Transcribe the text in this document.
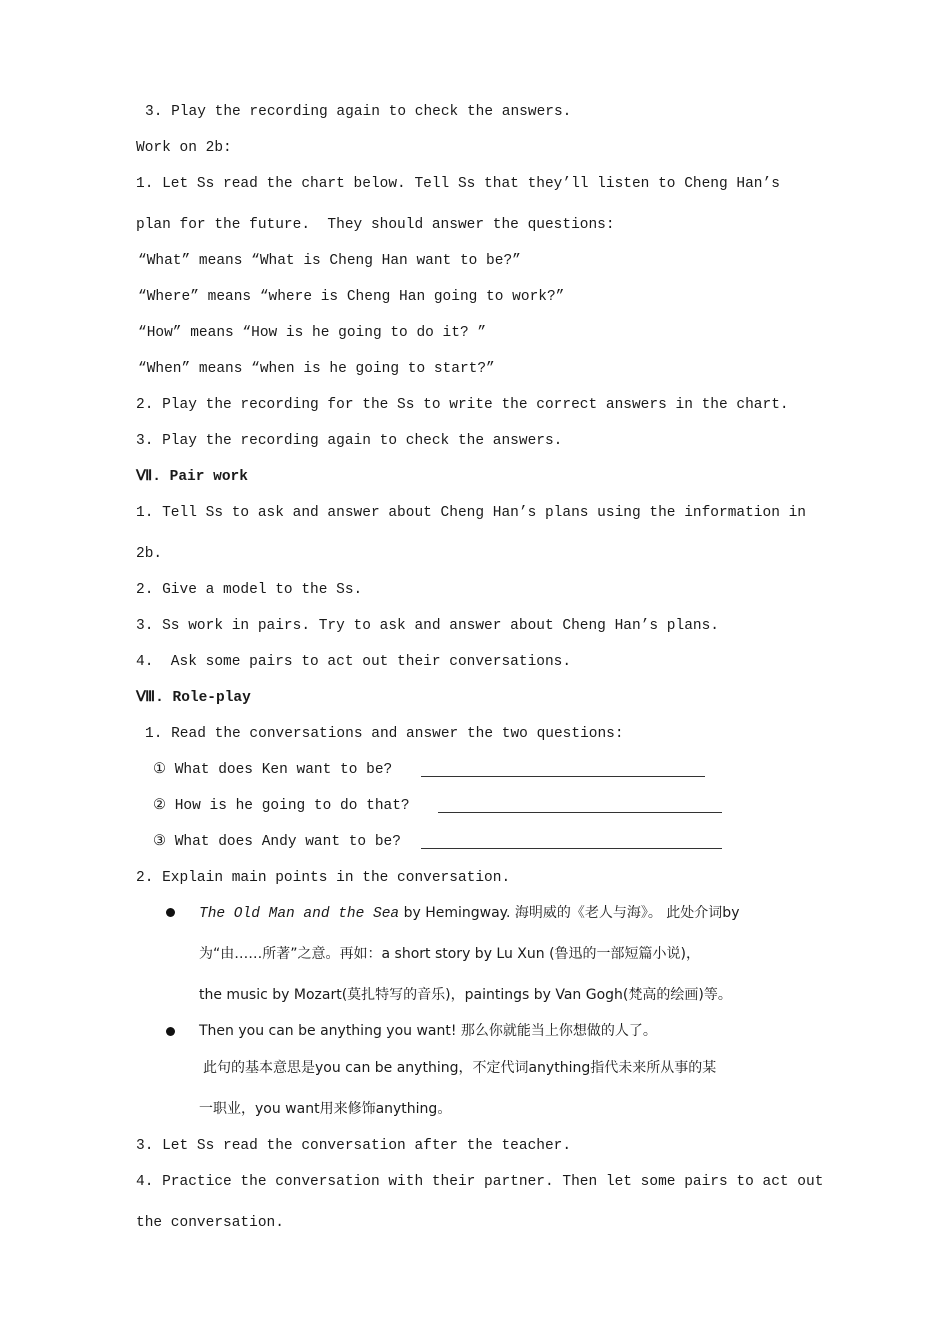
3. Play the recording again to check the answers.
Work on 2b:
1. Let Ss read the chart below. Tell Ss that they’ll listen to Cheng Han’s
plan for the future.  They should answer the questions:
“What” means “What is Cheng Han want to be?”
“Where” means “where is Cheng Han going to work?”
“How” means “How is he going to do it? ”
“When” means “when is he going to start?”
2. Play the recording for the Ss to write the correct answers in the chart.
3. Play the recording again to check the answers.
Ⅶ. Pair work
1. Tell Ss to ask and answer about Cheng Han’s plans using the information in
2b.
2. Give a model to the Ss.
3. Ss work in pairs. Try to ask and answer about Cheng Han’s plans.
4.  Ask some pairs to act out their conversations.
Ⅷ. Role-play
1. Read the conversations and answer the two questions:
① What does Ken want to be?
② How is he going to do that?
③ What does Andy want to be?
2. Explain main points in the conversation.
The Old Man and the Sea by Hemingway. 海明威的《老人与海》。 此处介词by
为“由……所著”之意。再如：a short story by Lu Xun (鲁迅的一部短篇小说)，
the music by Mozart(莫扎特写的音乐)，paintings by Van Gogh(梵高的绘画)等。
Then you can be anything you want! 那么你就能当上你想做的人了。
此句的基本意思是you can be anything，不定代词anything指代未来所从事的某
一职业，you want用来修饰anything。
3. Let Ss read the conversation after the teacher.
4. Practice the conversation with their partner. Then let some pairs to act out
the conversation.
